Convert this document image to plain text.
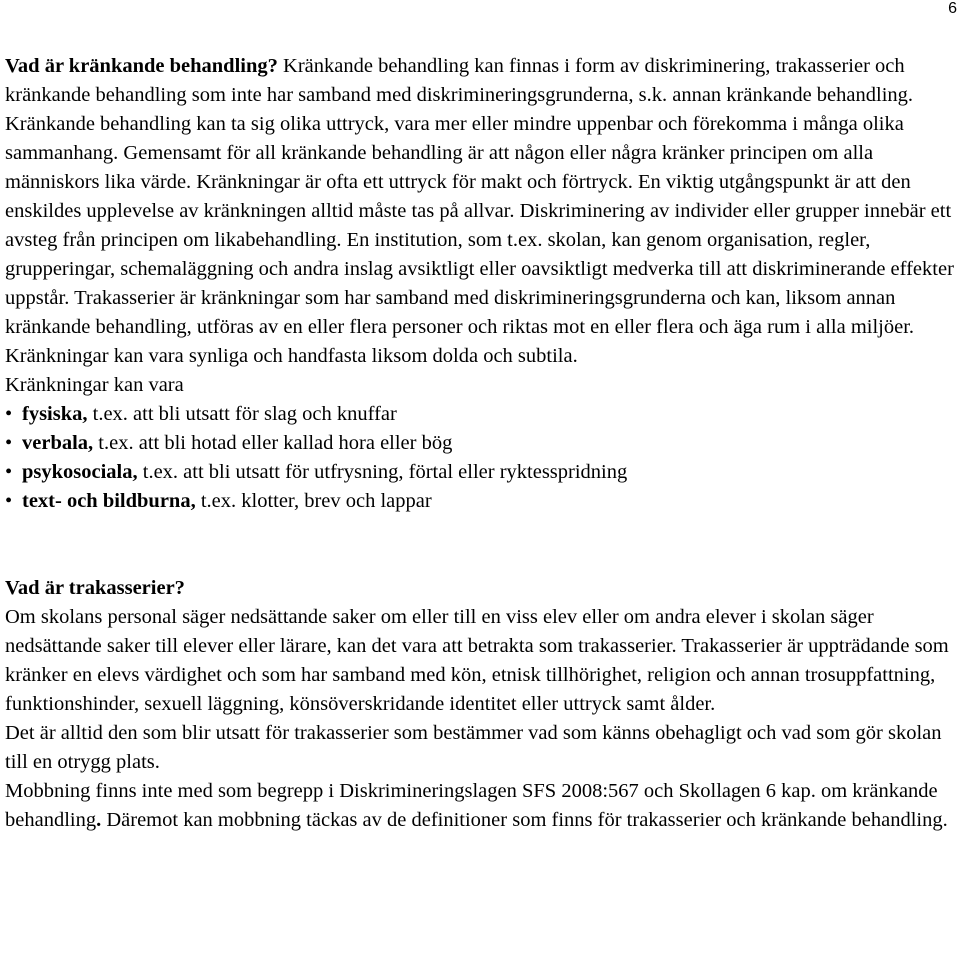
6

Vad är kränkande behandling? Kränkande behandling kan finnas i form av diskriminering, trakasserier och kränkande behandling som inte har samband med diskrimineringsgrunderna, s.k. annan kränkande behandling. Kränkande behandling kan ta sig olika uttryck, vara mer eller mindre uppenbar och förekomma i många olika sammanhang. Gemensamt för all kränkande behandling är att någon eller några kränker principen om alla människors lika värde. Kränkningar är ofta ett uttryck för makt och förtryck. En viktig utgångspunkt är att den enskildes upplevelse av kränkningen alltid måste tas på allvar. Diskriminering av individer eller grupper innebär ett avsteg från principen om likabehandling. En institution, som t.ex. skolan, kan genom organisation, regler, grupperingar, schemaläggning och andra inslag avsiktligt eller oavsiktligt medverka till att diskriminerande effekter uppstår. Trakasserier är kränkningar som har samband med diskrimineringsgrunderna och kan, liksom annan kränkande behandling, utföras av en eller flera personer och riktas mot en eller flera och äga rum i alla miljöer. Kränkningar kan vara synliga och handfasta liksom dolda och subtila.

Kränkningar kan vara

• fysiska, t.ex. att bli utsatt för slag och knuffar
• verbala, t.ex. att bli hotad eller kallad hora eller bög
• psykosociala, t.ex. att bli utsatt för utfrysning, förtal eller ryktesspridning
• text- och bildburna, t.ex. klotter, brev och lappar

Vad är trakasserier?

Om skolans personal säger nedsättande saker om eller till en viss elev eller om andra elever i skolan säger nedsättande saker till elever eller lärare, kan det vara att betrakta som trakasserier. Trakasserier är uppträdande som kränker en elevs värdighet och som har samband med kön, etnisk tillhörighet, religion och annan trosuppfattning, funktionshinder, sexuell läggning, könsöverskridande identitet eller uttryck samt ålder.

Det är alltid den som blir utsatt för trakasserier som bestämmer vad som känns obehagligt och vad som gör skolan till en otrygg plats.

Mobbning finns inte med som begrepp i Diskrimineringslagen SFS 2008:567 och Skollagen 6 kap. om kränkande behandling. Däremot kan mobbning täckas av de definitioner som finns för trakasserier och kränkande behandling.
